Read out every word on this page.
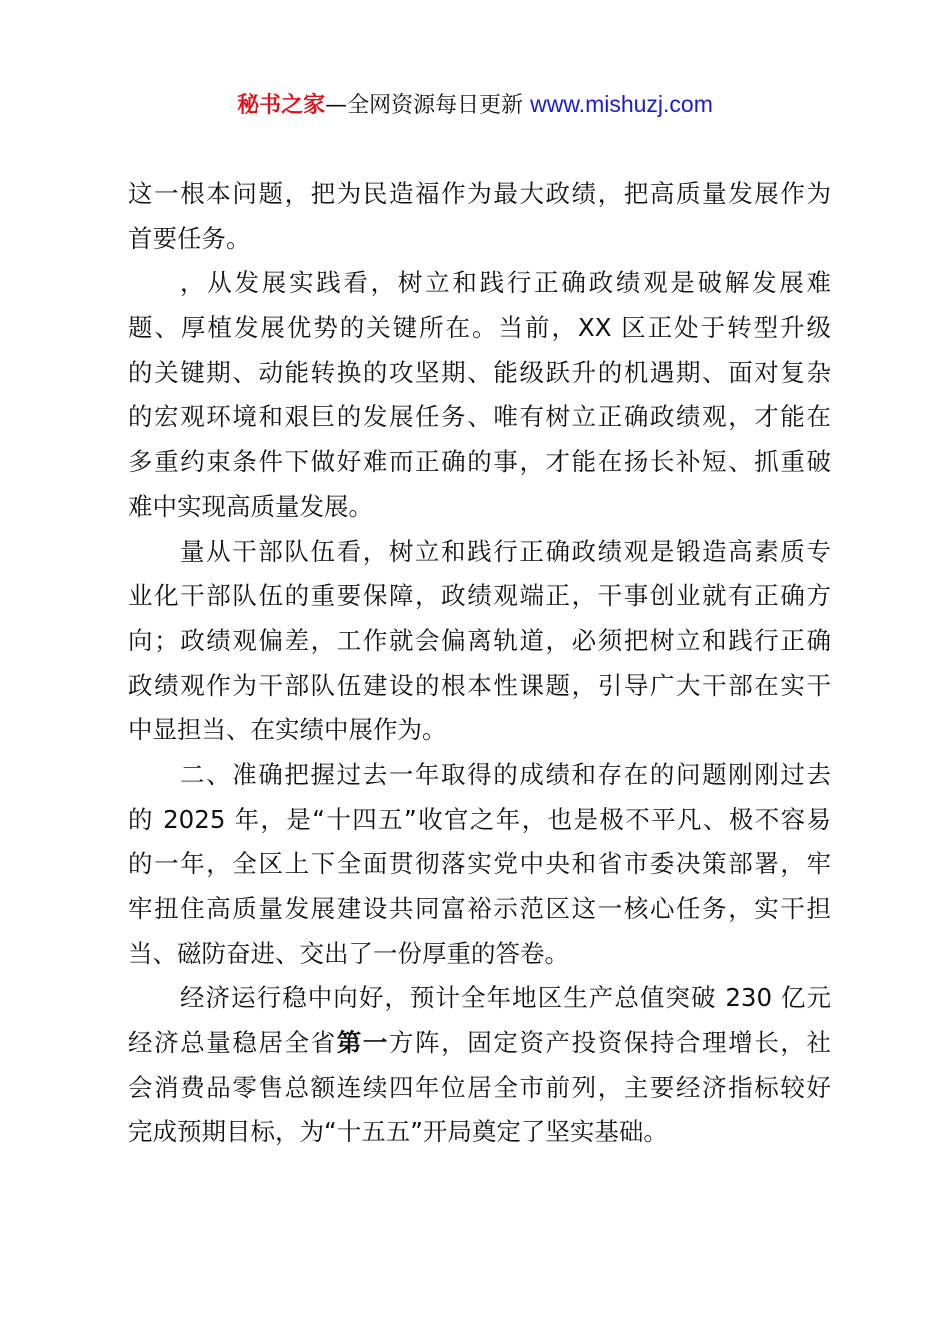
秘书之家—全网资源每日更新 www.mishuzj.com
这一根本问题，把为民造福作为最大政绩，把高质量发展作为
首要任务。
，从发展实践看，树立和践行正确政绩观是破解发展难
题、厚植发展优势的关键所在。当前，XX 区正处于转型升级
的关键期、动能转换的攻坚期、能级跃升的机遇期、面对复杂
的宏观环境和艰巨的发展任务、唯有树立正确政绩观，才能在
多重约束条件下做好难而正确的事，才能在扬长补短、抓重破
难中实现高质量发展。
量从干部队伍看，树立和践行正确政绩观是锻造高素质专
业化干部队伍的重要保障，政绩观端正，干事创业就有正确方
向；政绩观偏差，工作就会偏离轨道，必须把树立和践行正确
政绩观作为干部队伍建设的根本性课题，引导广大干部在实干
中显担当、在实绩中展作为。
二、准确把握过去一年取得的成绩和存在的问题刚刚过去
的 2025 年，是“十四五”收官之年，也是极不平凡、极不容易
的一年，全区上下全面贯彻落实党中央和省市委决策部署，牢
牢扭住高质量发展建设共同富裕示范区这一核心任务，实干担
当、磁防奋进、交出了一份厚重的答卷。
经济运行稳中向好，预计全年地区生产总值突破 230 亿元
经济总量稳居全省第一方阵，固定资产投资保持合理增长，社
会消费品零售总额连续四年位居全市前列，主要经济指标较好
完成预期目标，为“十五五”开局奠定了坚实基础。
